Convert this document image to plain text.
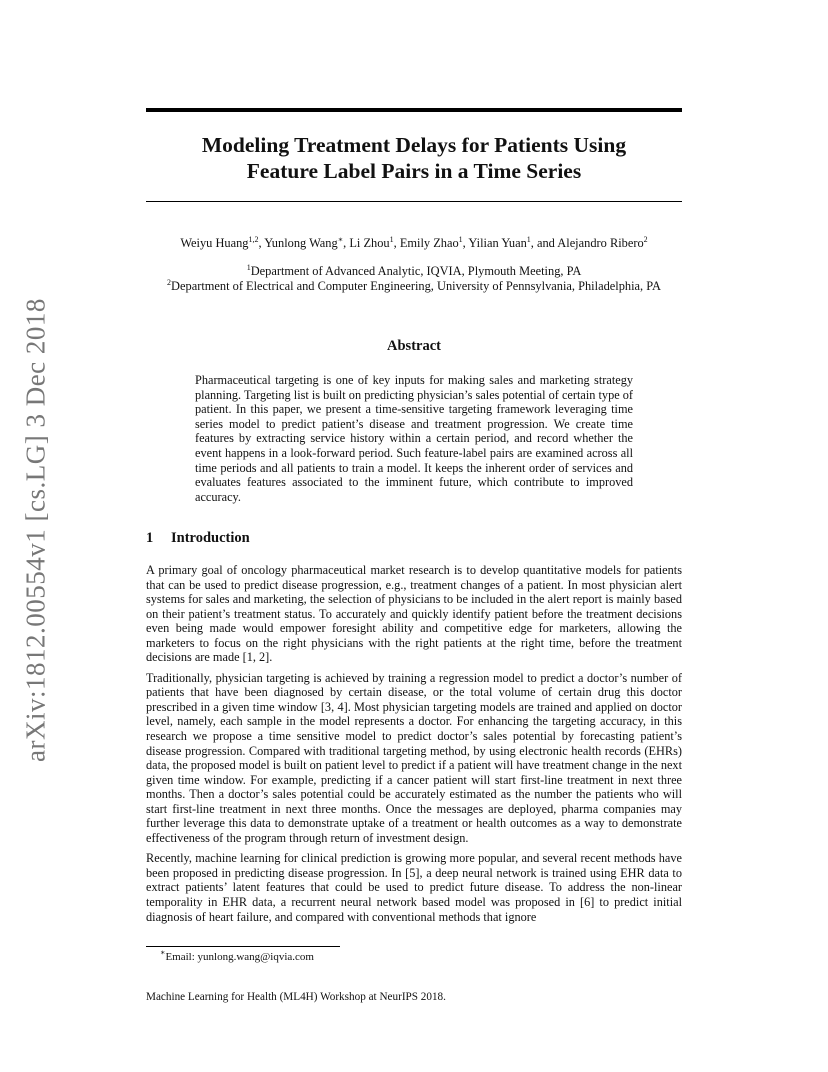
arXiv:1812.00554v1 [cs.LG] 3 Dec 2018
Modeling Treatment Delays for Patients Using
Feature Label Pairs in a Time Series
Weiyu Huang$^{1,2}$, Yunlong Wang∗, Li Zhou$^1$, Emily Zhao$^1$, Yilian Yuan$^1$, and Alejandro Ribero$^2$
$^1$Department of Advanced Analytic, IQVIA, Plymouth Meeting, PA
$^2$Department of Electrical and Computer Engineering, University of Pennsylvania, Philadelphia, PA
Abstract
Pharmaceutical targeting is one of key inputs for making sales and marketing strategy planning. Targeting list is built on predicting physician’s sales potential of certain type of patient. In this paper, we present a time-sensitive targeting framework leveraging time series model to predict patient’s disease and treatment progression. We create time features by extracting service history within a certain period, and record whether the event happens in a look-forward period. Such feature-label pairs are examined across all time periods and all patients to train a model. It keeps the inherent order of services and evaluates features associated to the imminent future, which contribute to improved accuracy.
1 Introduction

A primary goal of oncology pharmaceutical market research is to develop quantitative models for patients that can be used to predict disease progression, e.g., treatment changes of a patient. In most physician alert systems for sales and marketing, the selection of physicians to be included in the alert report is mainly based on their patient’s treatment status. To accurately and quickly identify patient before the treatment decisions even being made would empower foresight ability and competitive edge for marketers, allowing the marketers to focus on the right physicians with the right patients at the right time, before the treatment decisions are made [1, 2].

Traditionally, physician targeting is achieved by training a regression model to predict a doctor’s number of patients that have been diagnosed by certain disease, or the total volume of certain drug this doctor prescribed in a given time window [3, 4]. Most physician targeting models are trained and applied on doctor level, namely, each sample in the model represents a doctor. For enhancing the targeting accuracy, in this research we propose a time sensitive model to predict doctor’s sales potential by forecasting patient’s disease progression. Compared with traditional targeting method, by using electronic health records (EHRs) data, the proposed model is built on patient level to predict if a patient will have treatment change in the next given time window. For example, predicting if a cancer patient will start first-line treatment in next three months. Then a doctor’s sales potential could be accurately estimated as the number the patients who will start first-line treatment in next three months. Once the messages are deployed, pharma companies may further leverage this data to demonstrate uptake of a treatment or health outcomes as a way to demonstrate effectiveness of the program through return of investment design.

Recently, machine learning for clinical prediction is growing more popular, and several recent methods have been proposed in predicting disease progression. In [5], a deep neural network is trained using EHR data to extract patients’ latent features that could be used to predict future disease. To address the non-linear temporality in EHR data, a recurrent neural network based model was proposed in [6] to predict initial diagnosis of heart failure, and compared with conventional methods that ignore

∗Email: yunlong.wang@iqvia.com
Machine Learning for Health (ML4H) Workshop at NeurIPS 2018.
